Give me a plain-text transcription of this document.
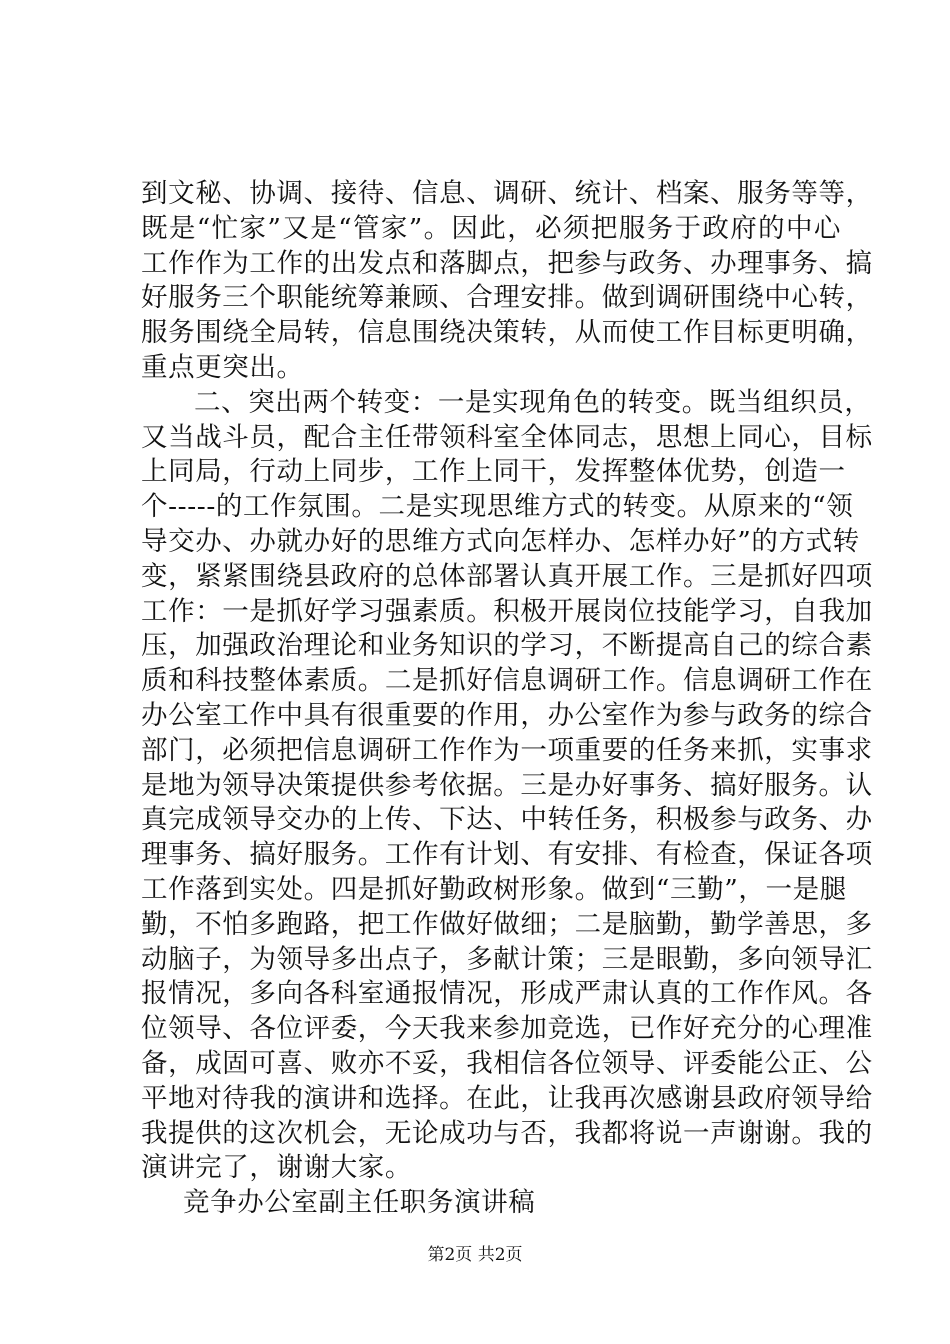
到文秘、协调、接待、信息、调研、统计、档案、服务等等，
既是“忙家”又是“管家”。因此，必须把服务于政府的中心
工作作为工作的出发点和落脚点，把参与政务、办理事务、搞
好服务三个职能统筹兼顾、合理安排。做到调研围绕中心转，
服务围绕全局转，信息围绕决策转，从而使工作目标更明确，
重点更突出。
二、突出两个转变：一是实现角色的转变。既当组织员，
又当战斗员，配合主任带领科室全体同志，思想上同心，目标
上同局，行动上同步，工作上同干，发挥整体优势，创造一
个-----的工作氛围。二是实现思维方式的转变。从原来的“领
导交办、办就办好的思维方式向怎样办、怎样办好”的方式转
变，紧紧围绕县政府的总体部署认真开展工作。三是抓好四项
工作：一是抓好学习强素质。积极开展岗位技能学习，自我加
压，加强政治理论和业务知识的学习，不断提高自己的综合素
质和科技整体素质。二是抓好信息调研工作。信息调研工作在
办公室工作中具有很重要的作用，办公室作为参与政务的综合
部门，必须把信息调研工作作为一项重要的任务来抓，实事求
是地为领导决策提供参考依据。三是办好事务、搞好服务。认
真完成领导交办的上传、下达、中转任务，积极参与政务、办
理事务、搞好服务。工作有计划、有安排、有检查，保证各项
工作落到实处。四是抓好勤政树形象。做到“三勤”，一是腿
勤，不怕多跑路，把工作做好做细；二是脑勤，勤学善思，多
动脑子，为领导多出点子，多献计策；三是眼勤，多向领导汇
报情况，多向各科室通报情况，形成严肃认真的工作作风。各
位领导、各位评委，今天我来参加竞选，已作好充分的心理准
备，成固可喜、败亦不妥，我相信各位领导、评委能公正、公
平地对待我的演讲和选择。在此，让我再次感谢县政府领导给
我提供的这次机会，无论成功与否，我都将说一声谢谢。我的
演讲完了，谢谢大家。
竞争办公室副主任职务演讲稿
第2页 共2页
